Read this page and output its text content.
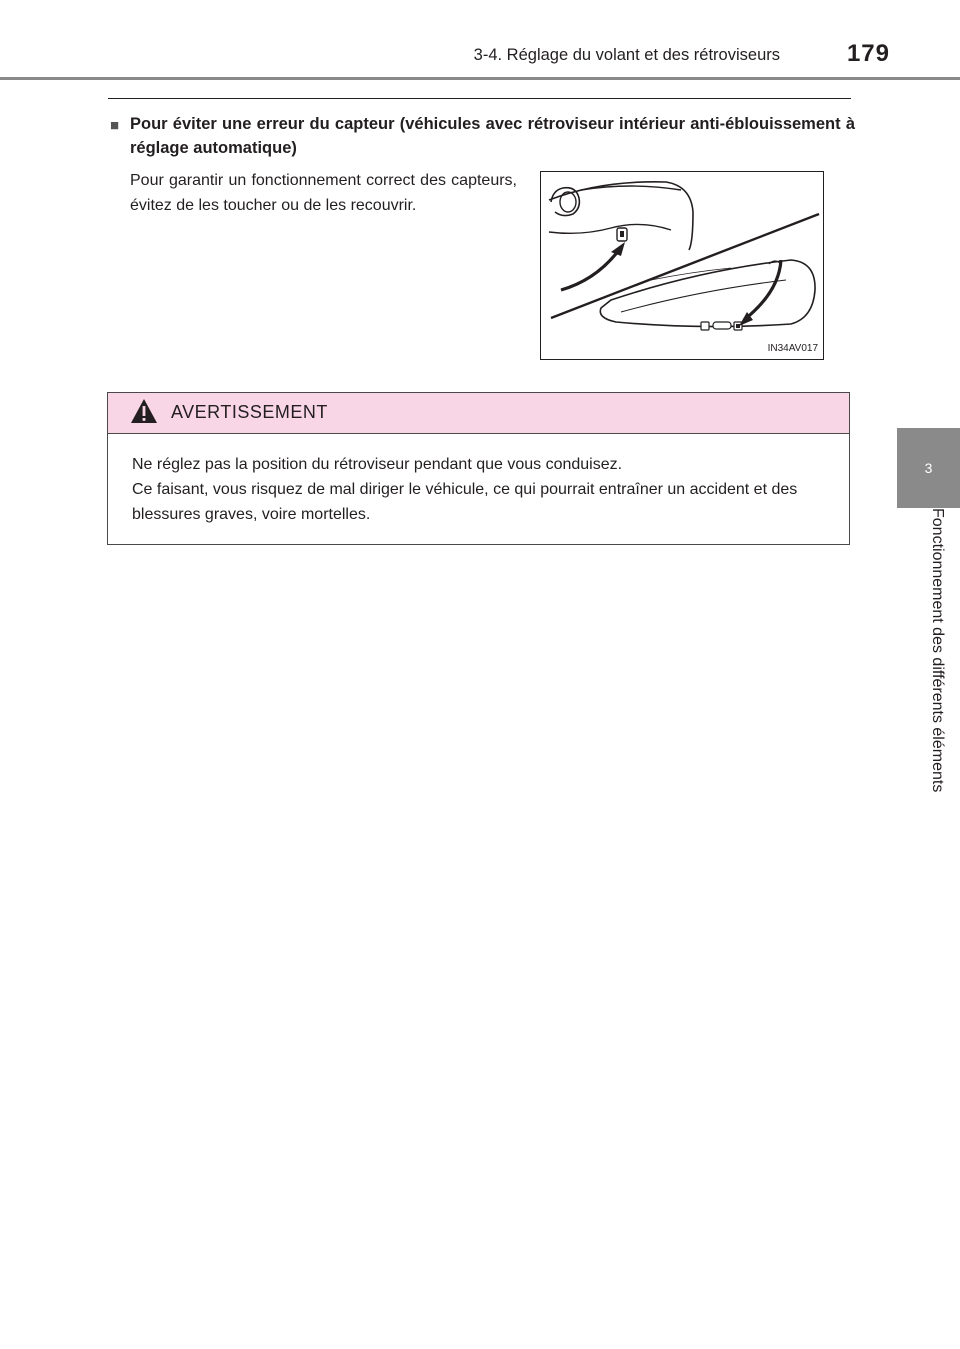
3-4. Réglage du volant et des rétroviseurs	179
3
Fonctionnement des différents éléments
■ Pour éviter une erreur du capteur (véhicules avec rétroviseur intérieur anti-éblouissement à réglage automatique)
Pour garantir un fonctionnement correct des capteurs, évitez de les toucher ou de les recouvrir.
IN34AV017
AVERTISSEMENT

Ne réglez pas la position du rétroviseur pendant que vous conduisez.

Ce faisant, vous risquez de mal diriger le véhicule, ce qui pourrait entraîner un accident et des blessures graves, voire mortelles.
